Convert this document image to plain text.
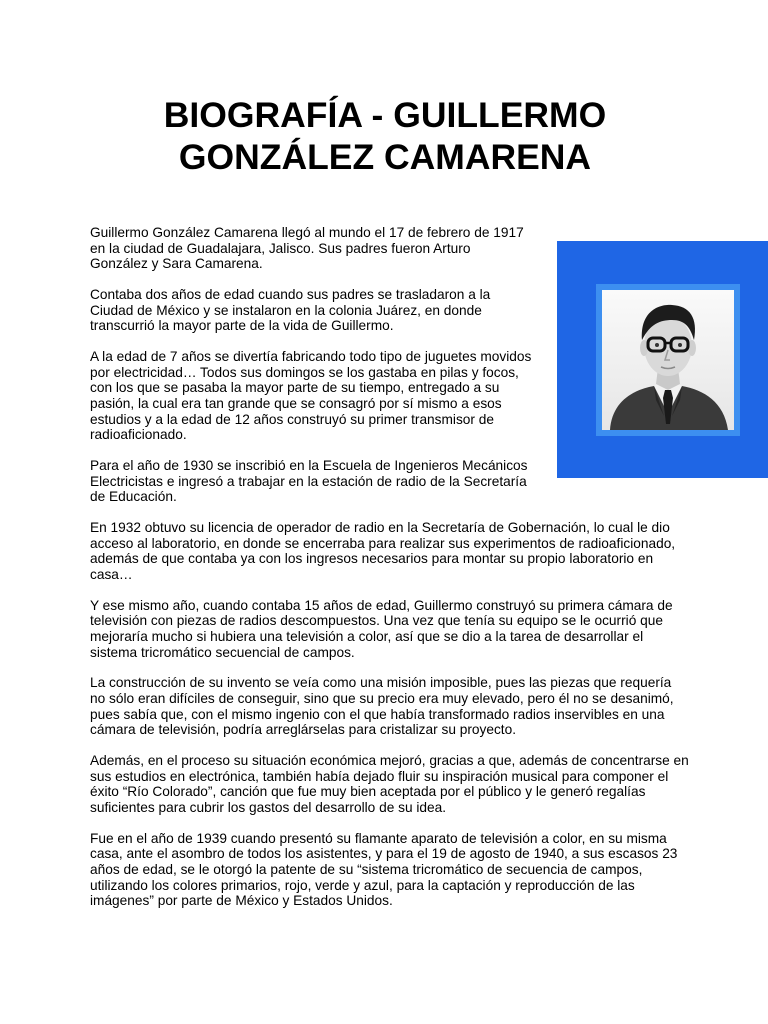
BIOGRAFÍA - GUILLERMO
GONZÁLEZ CAMARENA

Guillermo González Camarena llegó al mundo el 17 de febrero de 1917 en la ciudad de Guadalajara, Jalisco. Sus padres fueron Arturo González y Sara Camarena.

Contaba dos años de edad cuando sus padres se trasladaron a la Ciudad de México y se instalaron en la colonia Juárez, en donde transcurrió la mayor parte de la vida de Guillermo.

A la edad de 7 años se divertía fabricando todo tipo de juguetes movidos por electricidad… Todos sus domingos se los gastaba en pilas y focos, con los que se pasaba la mayor parte de su tiempo, entregado a su pasión, la cual era tan grande que se consagró por sí mismo a esos estudios y a la edad de 12 años construyó su primer transmisor de radioaficionado.

Para el año de 1930 se inscribió en la Escuela de Ingenieros Mecánicos Electricistas e ingresó a trabajar en la estación de radio de la Secretaría de Educación.

En 1932 obtuvo su licencia de operador de radio en la Secretaría de Gobernación, lo cual le dio acceso al laboratorio, en donde se encerraba para realizar sus experimentos de radioaficionado, además de que contaba ya con los ingresos necesarios para montar su propio laboratorio en casa…

Y ese mismo año, cuando contaba 15 años de edad, Guillermo construyó su primera cámara de televisión con piezas de radios descompuestos. Una vez que tenía su equipo se le ocurrió que mejoraría mucho si hubiera una televisión a color, así que se dio a la tarea de desarrollar el sistema tricromático secuencial de campos.

La construcción de su invento se veía como una misión imposible, pues las piezas que requería no sólo eran difíciles de conseguir, sino que su precio era muy elevado, pero él no se desanimó, pues sabía que, con el mismo ingenio con el que había transformado radios inservibles en una cámara de televisión, podría arreglárselas para cristalizar su proyecto.

Además, en el proceso su situación económica mejoró, gracias a que, además de concentrarse en sus estudios en electrónica, también había dejado fluir su inspiración musical para componer el éxito “Río Colorado”, canción que fue muy bien aceptada por el público y le generó regalías suficientes para cubrir los gastos del desarrollo de su idea.

Fue en el año de 1939 cuando presentó su flamante aparato de televisión a color, en su misma casa, ante el asombro de todos los asistentes, y para el 19 de agosto de 1940, a sus escasos 23 años de edad, se le otorgó la patente de su “sistema tricromático de secuencia de campos, utilizando los colores primarios, rojo, verde y azul, para la captación y reproducción de las imágenes” por parte de México y Estados Unidos.
